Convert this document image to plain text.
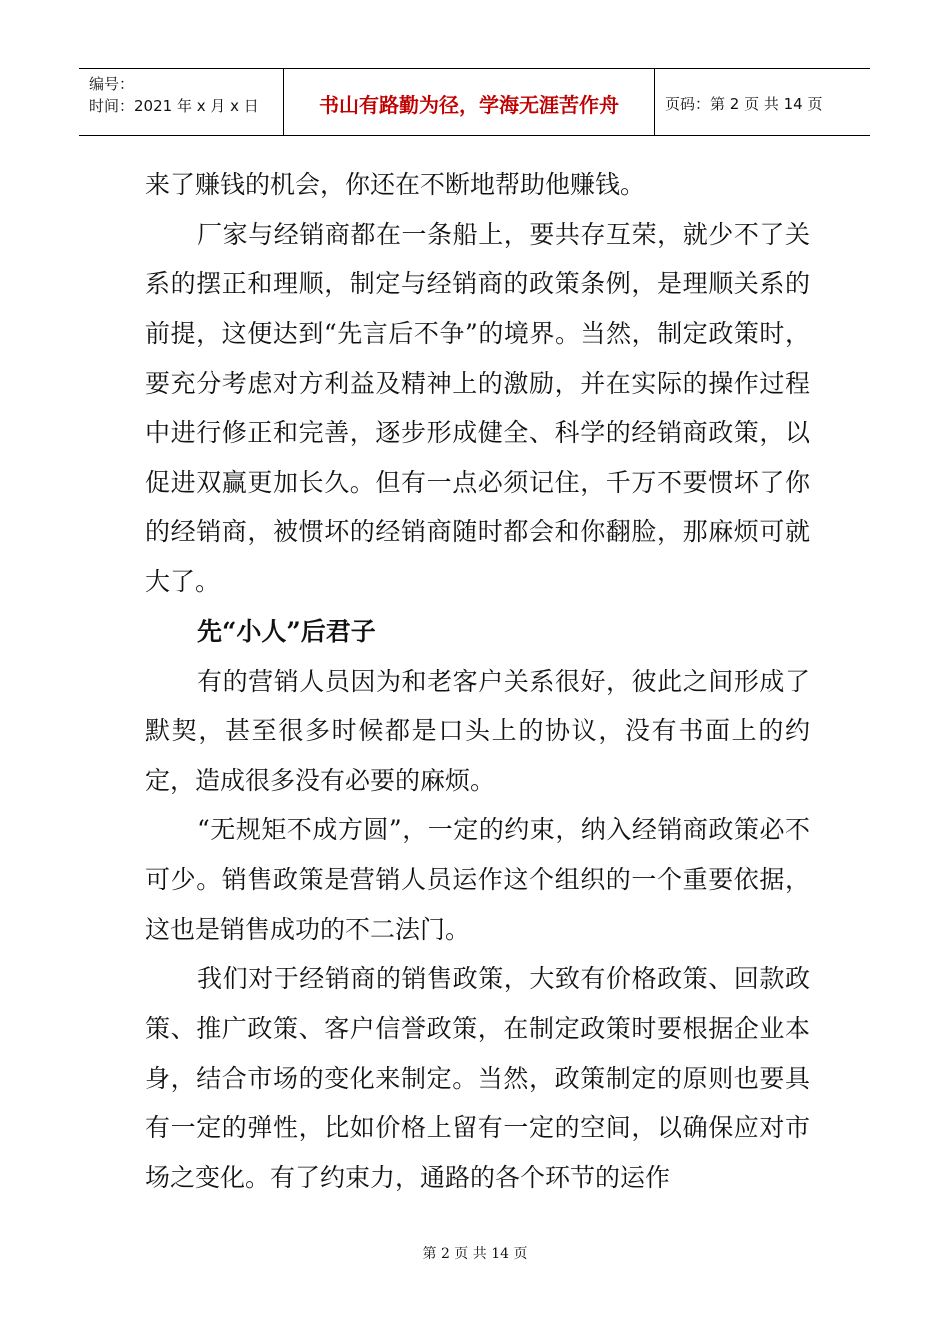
编号：
时间：2021 年 x 月 x 日	书山有路勤为径，学海无涯苦作舟	页码：第 2 页 共 14 页

来了赚钱的机会，你还在不断地帮助他赚钱。

厂家与经销商都在一条船上，要共存互荣，就少不了关系的摆正和理顺，制定与经销商的政策条例，是理顺关系的前提，这便达到“先言后不争”的境界。当然，制定政策时，要充分考虑对方利益及精神上的激励，并在实际的操作过程中进行修正和完善，逐步形成健全、科学的经销商政策，以促进双赢更加长久。但有一点必须记住，千万不要惯坏了你的经销商，被惯坏的经销商随时都会和你翻脸，那麻烦可就大了。

先“小人”后君子

有的营销人员因为和老客户关系很好，彼此之间形成了默契，甚至很多时候都是口头上的协议，没有书面上的约定，造成很多没有必要的麻烦。

“无规矩不成方圆”，一定的约束，纳入经销商政策必不可少。销售政策是营销人员运作这个组织的一个重要依据，这也是销售成功的不二法门。

我们对于经销商的销售政策，大致有价格政策、回款政策、推广政策、客户信誉政策，在制定政策时要根据企业本身，结合市场的变化来制定。当然，政策制定的原则也要具有一定的弹性，比如价格上留有一定的空间，以确保应对市场之变化。有了约束力，通路的各个环节的运作

第 2 页 共 14 页
